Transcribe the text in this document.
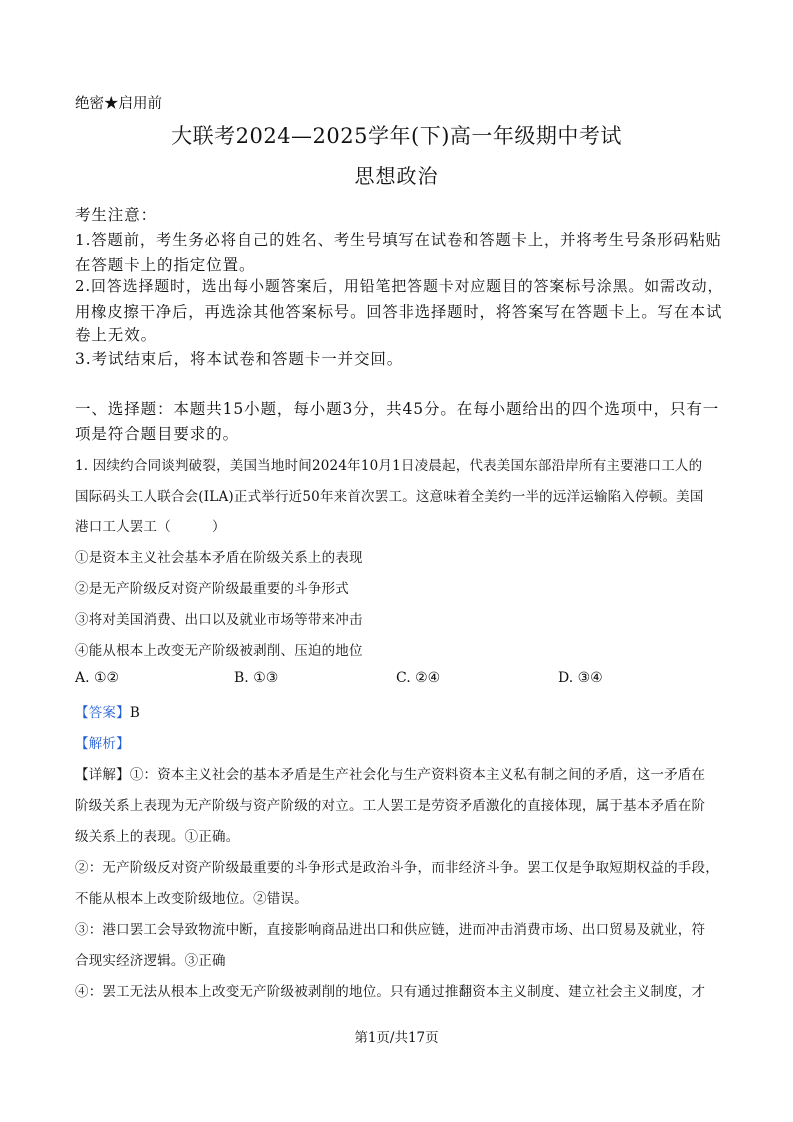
绝密★启用前
大联考2024—2025学年(下)高一年级期中考试
思想政治
考生注意：
1.答题前，考生务必将自己的姓名、考生号填写在试卷和答题卡上，并将考生号条形码粘贴
在答题卡上的指定位置。
2.回答选择题时，选出每小题答案后，用铅笔把答题卡对应题目的答案标号涂黑。如需改动，
用橡皮擦干净后，再选涂其他答案标号。回答非选择题时，将答案写在答题卡上。写在本试
卷上无效。
3.考试结束后，将本试卷和答题卡一并交回。
一、选择题：本题共15小题，每小题3分，共45分。在每小题给出的四个选项中，只有一
项是符合题目要求的。
1. 因续约合同谈判破裂，美国当地时间2024年10月1日凌晨起，代表美国东部沿岸所有主要港口工人的
国际码头工人联合会(ILA)正式举行近50年来首次罢工。这意味着全美约一半的远洋运输陷入停顿。美国
港口工人罢工（　　　）
①是资本主义社会基本矛盾在阶级关系上的表现
②是无产阶级反对资产阶级最重要的斗争形式
③将对美国消费、出口以及就业市场等带来冲击
④能从根本上改变无产阶级被剥削、压迫的地位
A. ①②	B. ①③	C. ②④	D. ③④
【答案】B
【解析】
【详解】①：资本主义社会的基本矛盾是生产社会化与生产资料资本主义私有制之间的矛盾，这一矛盾在
阶级关系上表现为无产阶级与资产阶级的对立。工人罢工是劳资矛盾激化的直接体现，属于基本矛盾在阶
级关系上的表现。①正确。
②：无产阶级反对资产阶级最重要的斗争形式是政治斗争，而非经济斗争。罢工仅是争取短期权益的手段，
不能从根本上改变阶级地位。②错误。
③：港口罢工会导致物流中断，直接影响商品进出口和供应链，进而冲击消费市场、出口贸易及就业，符
合现实经济逻辑。③正确
④：罢工无法从根本上改变无产阶级被剥削的地位。只有通过推翻资本主义制度、建立社会主义制度，才
第1页/共17页
